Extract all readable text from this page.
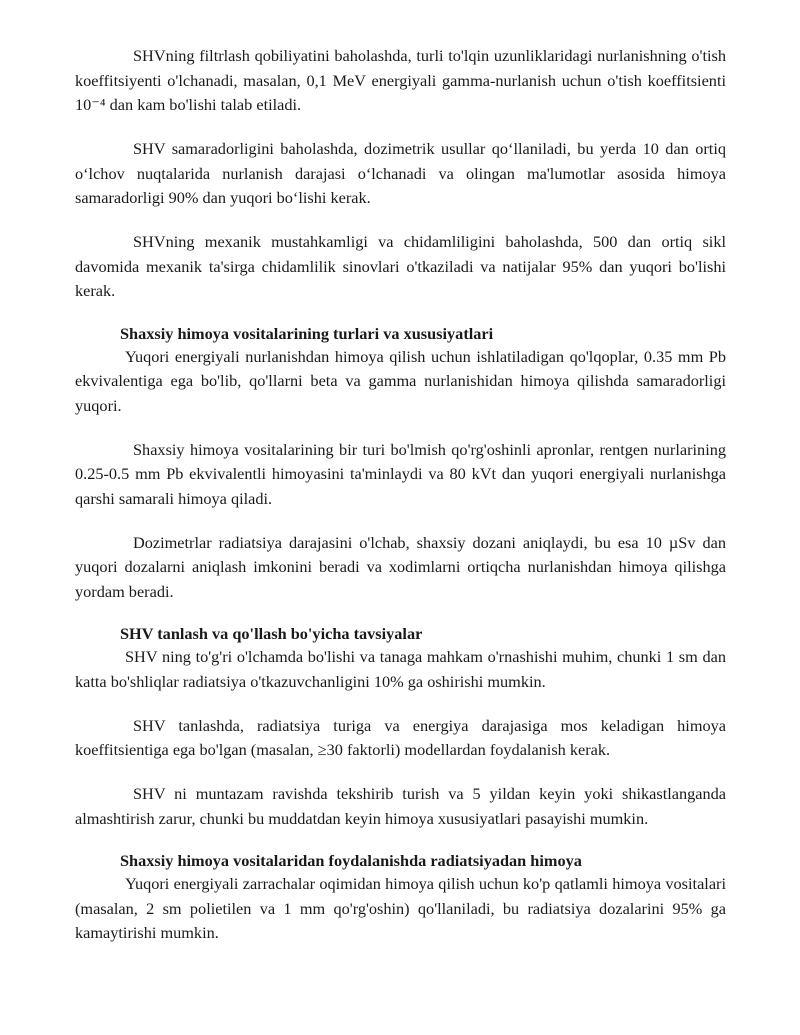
SHVning filtrlash qobiliyatini baholashda, turli to'lqin uzunliklaridagi nurlanishning o'tish koeffitsiyenti o'lchanadi, masalan, 0,1 MeV energiyali gamma-nurlanish uchun o'tish koeffitsienti 10⁻⁴ dan kam bo'lishi talab etiladi.

SHV samaradorligini baholashda, dozimetrik usullar qo‘llaniladi, bu yerda 10 dan ortiq o‘lchov nuqtalarida nurlanish darajasi o‘lchanadi va olingan ma'lumotlar asosida himoya samaradorligi 90% dan yuqori bo‘lishi kerak.

SHVning mexanik mustahkamligi va chidamliligini baholashda, 500 dan ortiq sikl davomida mexanik ta'sirga chidamlilik sinovlari o'tkaziladi va natijalar 95% dan yuqori bo'lishi kerak.

Shaxsiy himoya vositalarining turlari va xususiyatlari

Yuqori energiyali nurlanishdan himoya qilish uchun ishlatiladigan qo'lqoplar, 0.35 mm Pb ekvivalentiga ega bo'lib, qo'llarni beta va gamma nurlanishidan himoya qilishda samaradorligi yuqori.

Shaxsiy himoya vositalarining bir turi bo'lmish qo'rg'oshinli apronlar, rentgen nurlarining 0.25-0.5 mm Pb ekvivalentli himoyasini ta'minlaydi va 80 kVt dan yuqori energiyali nurlanishga qarshi samarali himoya qiladi.

Dozimetrlar radiatsiya darajasini o'lchab, shaxsiy dozani aniqlaydi, bu esa 10 µSv dan yuqori dozalarni aniqlash imkonini beradi va xodimlarni ortiqcha nurlanishdan himoya qilishga yordam beradi.

SHV tanlash va qo'llash bo'yicha tavsiyalar

SHV ning to'g'ri o'lchamda bo'lishi va tanaga mahkam o'rnashishi muhim, chunki 1 sm dan katta bo'shliqlar radiatsiya o'tkazuvchanligini 10% ga oshirishi mumkin.

SHV tanlashda, radiatsiya turiga va energiya darajasiga mos keladigan himoya koeffitsientiga ega bo'lgan (masalan, ≥30 faktorli) modellardan foydalanish kerak.

SHV ni muntazam ravishda tekshirib turish va 5 yildan keyin yoki shikastlanganda almashtirish zarur, chunki bu muddatdan keyin himoya xususiyatlari pasayishi mumkin.

Shaxsiy himoya vositalaridan foydalanishda radiatsiyadan himoya

Yuqori energiyali zarrachalar oqimidan himoya qilish uchun ko'p qatlamli himoya vositalari (masalan, 2 sm polietilen va 1 mm qo'rg'oshin) qo'llaniladi, bu radiatsiya dozalarini 95% ga kamaytirishi mumkin.
